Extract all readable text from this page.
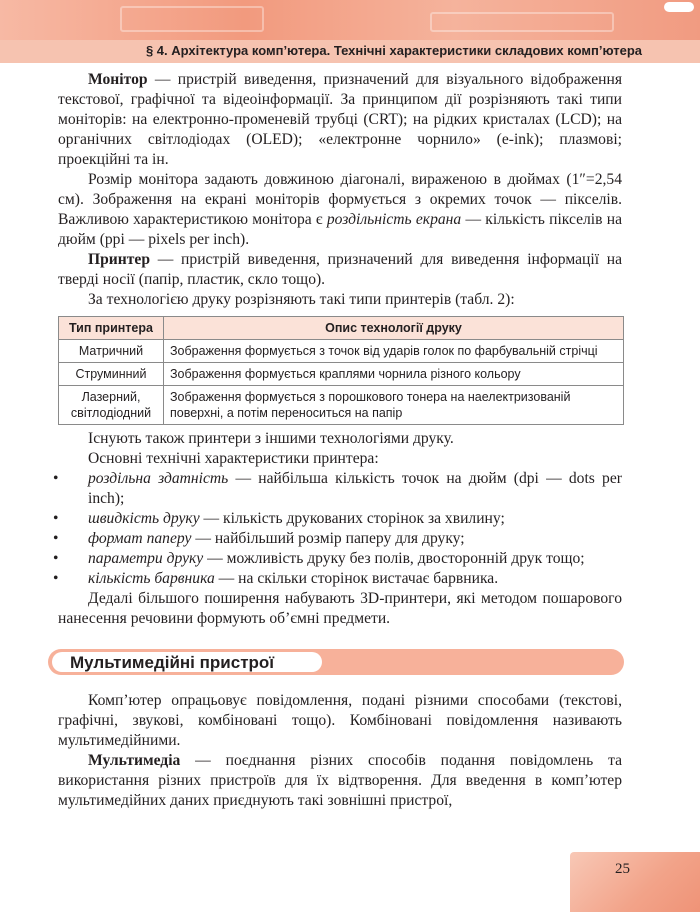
§ 4. Архітектура комп’ютера. Технічні характеристики складових комп’ютера

Монітор — пристрій виведення, призначений для візуального відображення текстової, графічної та відеоінформації. За принципом дії розрізняють такі типи моніторів: на електронно-променевій трубці (CRT); на рідких кристалах (LCD); на органічних світлодіодах (OLED); «електронне чорнило» (e-ink); плазмові; проекційні та ін.

Розмір монітора задають довжиною діагоналі, вираженою в дюймах (1″=2,54 см). Зображення на екрані моніторів формується з окремих точок — пікселів. Важливою характеристикою монітора є роздільність екрана — кількість пікселів на дюйм (ppi — pixels per inch).

Принтер — пристрій виведення, призначений для виведення інформації на тверді носії (папір, пластик, скло тощо).

За технологією друку розрізняють такі типи принтерів (табл. 2):

Тип принтера	Опис технології друку
Матричний	Зображення формується з точок від ударів голок по фарбувальній стрічці
Струминний	Зображення формується краплями чорнила різного кольору
Лазерний, світлодіодний	Зображення формується з порошкового тонера на наелектризованій поверхні, а потім переноситься на папір

Існують також принтери з іншими технологіями друку.

Основні технічні характеристики принтера:

• роздільна здатність — найбільша кількість точок на дюйм (dpi — dots per inch);
• швидкість друку — кількість друкованих сторінок за хвилину;
• формат паперу — найбільший розмір паперу для друку;
• параметри друку — можливість друку без полів, двосторонній друк тощо;
• кількість барвника — на скільки сторінок вистачає барвника.

Дедалі більшого поширення набувають 3D-принтери, які методом пошарового нанесення речовини формують об’ємні предмети.

Мультимедійні пристрої

Комп’ютер опрацьовує повідомлення, подані різними способами (текстові, графічні, звукові, комбіновані тощо). Комбіновані повідомлення називають мультимедійними.

Мультимедіа — поєднання різних способів подання повідомлень та використання різних пристроїв для їх відтворення. Для введення в комп’ютер мультимедійних даних приєднують такі зовнішні пристрої,

25
